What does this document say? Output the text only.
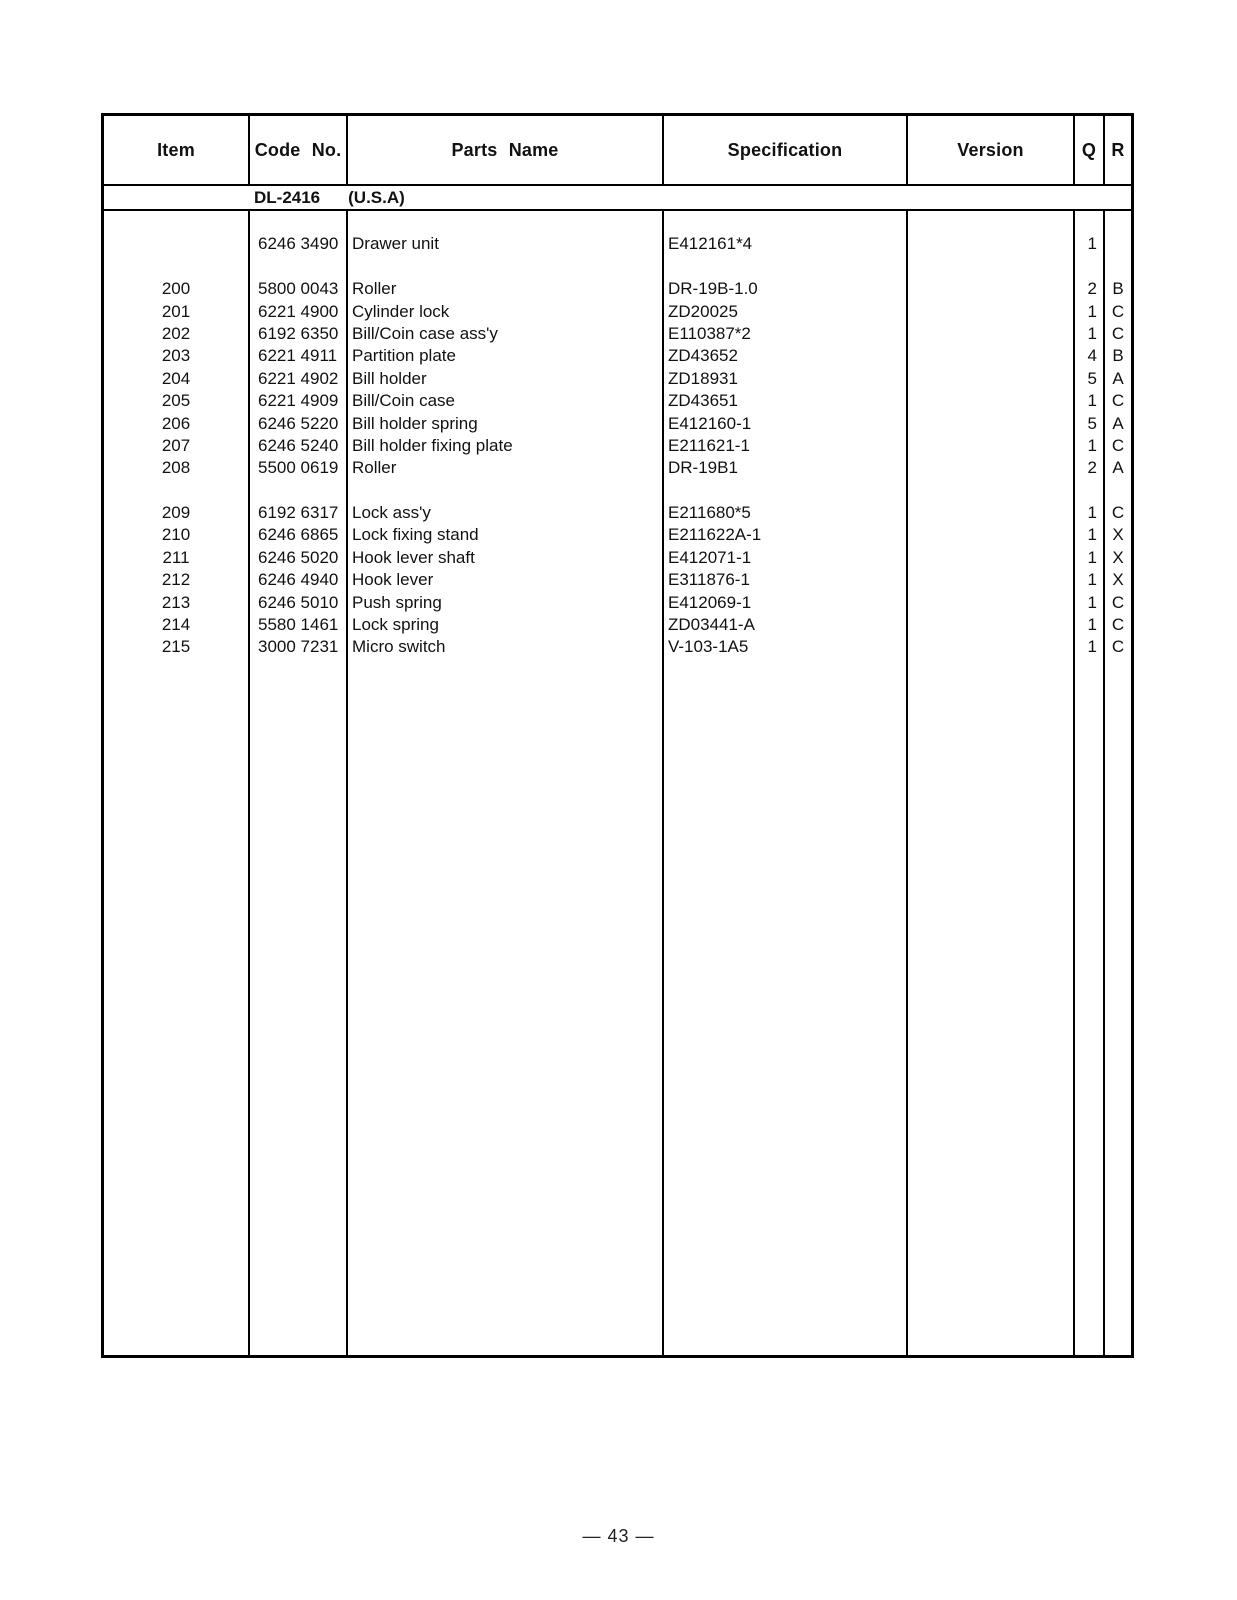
Item	Code No.	Parts Name	Specification	Version	Q R
DL-2416 (U.S.A)
6246 3490 Drawer unit	E412161*4	1
200	5800 0043 Roller	DR-19B-1.0	2 B
201	6221 4900 Cylinder lock	ZD20025	1 C
202	6192 6350 Bill/Coin case ass'y	E110387*2	1 C
203	6221 4911 Partition plate	ZD43652	4 B
204	6221 4902 Bill holder	ZD18931	5 A
205	6221 4909 Bill/Coin case	ZD43651	1 C
206	6246 5220 Bill holder spring	E412160-1	5 A
207	6246 5240 Bill holder fixing plate	E211621-1	1 C
208	5500 0619 Roller	DR-19B1	2 A
209	6192 6317 Lock ass'y	E211680*5	1 C
210	6246 6865 Lock fixing stand	E211622A-1	1 X
211	6246 5020 Hook lever shaft	E412071-1	1 X
212	6246 4940 Hook lever	E311876-1	1 X
213	6246 5010 Push spring	E412069-1	1 C
214	5580 1461 Lock spring	ZD03441-A	1 C
215	3000 7231 Micro switch	V-103-1A5	1 C
— 43 —
